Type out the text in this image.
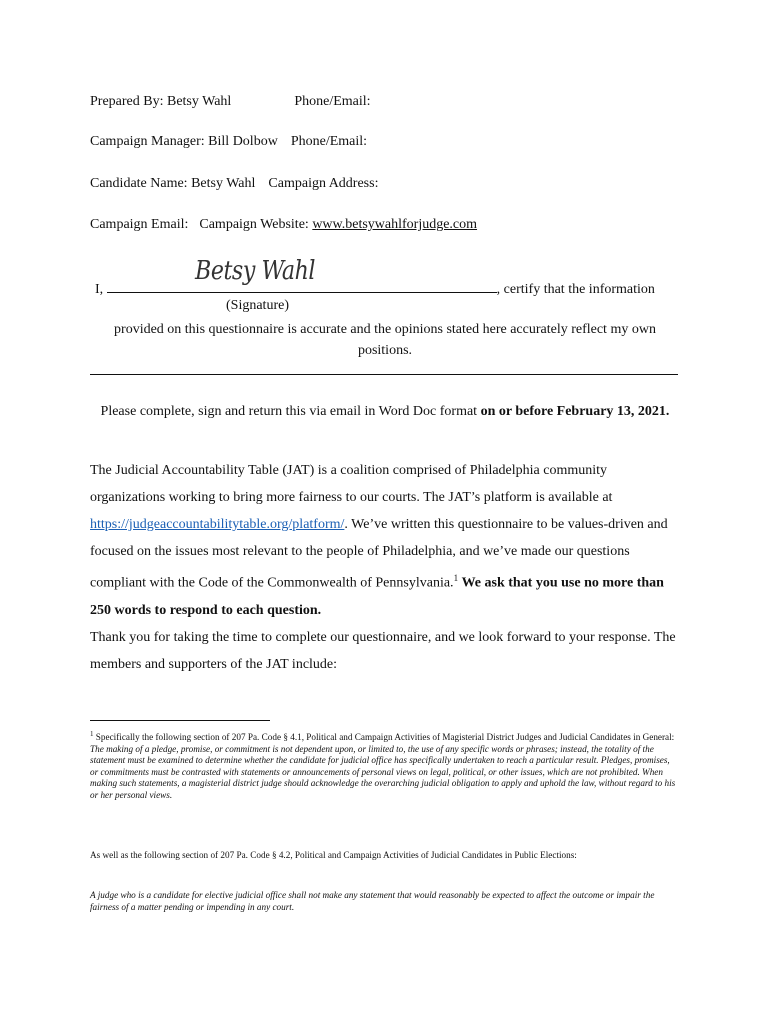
Prepared By: Betsy Wahl	Phone/Email:
Campaign Manager: Bill Dolbow Phone/Email:
Candidate Name: Betsy Wahl Campaign Address:
Campaign Email: Campaign Website: www.betsywahlforjudge.com
I,
Betsy Wahl
, certify that the information
(Signature)
provided on this questionnaire is accurate and the opinions stated here accurately reflect my own positions.
Please complete, sign and return this via email in Word Doc format on or before February 13, 2021.
The Judicial Accountability Table (JAT) is a coalition comprised of Philadelphia community organizations working to bring more fairness to our courts. The JAT’s platform is available at https://judgeaccountabilitytable.org/platform/. We’ve written this questionnaire to be values-driven and focused on the issues most relevant to the people of Philadelphia, and we’ve made our questions compliant with the Code of the Commonwealth of Pennsylvania.$^1$ We ask that you use no more than 250 words to respond to each question.
Thank you for taking the time to complete our questionnaire, and we look forward to your response. The members and supporters of the JAT include:
$^1$ Specifically the following section of 207 Pa. Code § 4.1, Political and Campaign Activities of Magisterial District Judges and Judicial Candidates in General:
The making of a pledge, promise, or commitment is not dependent upon, or limited to, the use of any specific words or phrases; instead, the totality of the statement must be examined to determine whether the candidate for judicial office has specifically undertaken to reach a particular result. Pledges, promises, or commitments must be contrasted with statements or announcements of personal views on legal, political, or other issues, which are not prohibited. When making such statements, a magisterial district judge should acknowledge the overarching judicial obligation to apply and uphold the law, without regard to his or her personal views.
As well as the following section of 207 Pa. Code § 4.2, Political and Campaign Activities of Judicial Candidates in Public Elections:
A judge who is a candidate for elective judicial office shall not make any statement that would reasonably be expected to affect the outcome or impair the fairness of a matter pending or impending in any court.
